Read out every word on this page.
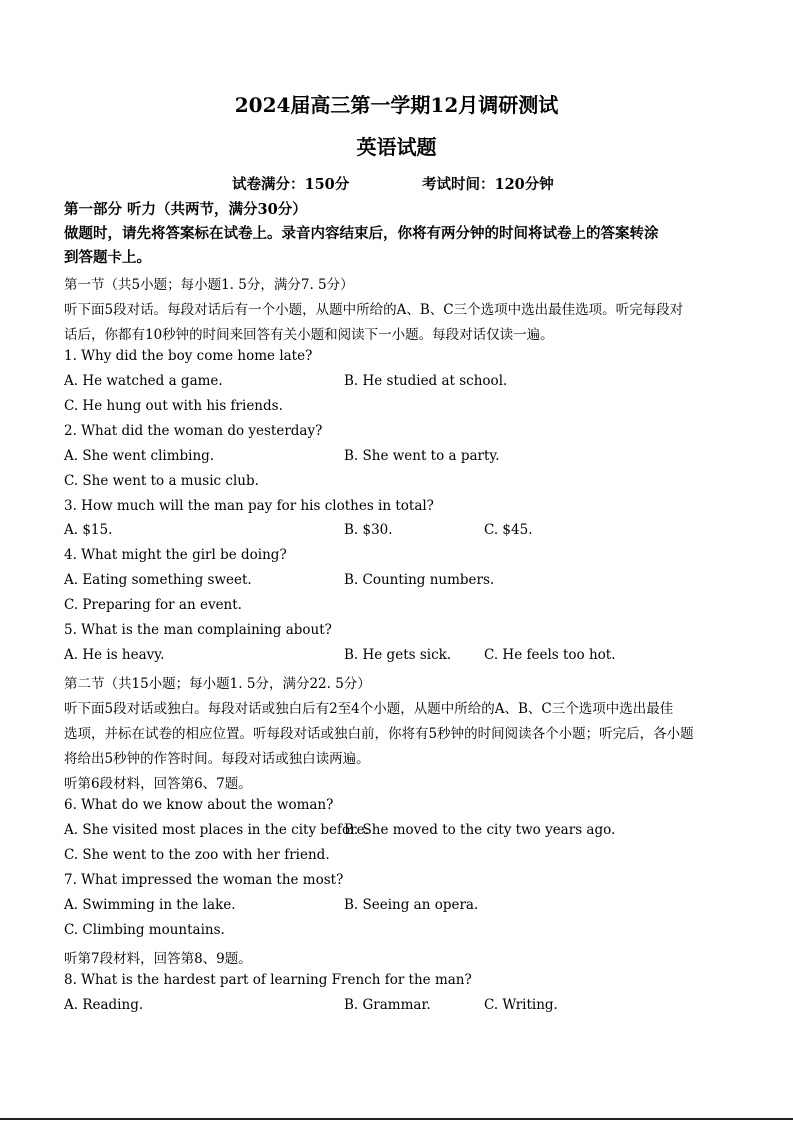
2024届高三第一学期12月调研测试
英语试题
试卷满分：150分	考试时间：120分钟
第一部分 听力（共两节，满分30分）
做题时，请先将答案标在试卷上。录音内容结束后，你将有两分钟的时间将试卷上的答案转涂
到答题卡上。
第一节（共5小题；每小题1. 5分，满分7. 5分）
听下面5段对话。每段对话后有一个小题，从题中所给的A、B、C三个选项中选出最佳选项。听完每段对
话后，你都有10秒钟的时间来回答有关小题和阅读下一小题。每段对话仅读一遍。
1. Why did the boy come home late?
A. He watched a game.	B. He studied at school.
C. He hung out with his friends.
2. What did the woman do yesterday?
A. She went climbing.	B. She went to a party.
C. She went to a music club.
3. How much will the man pay for his clothes in total?
A. $15.	B. $30.	C. $45.
4. What might the girl be doing?
A. Eating something sweet.	B. Counting numbers.
C. Preparing for an event.
5. What is the man complaining about?
A. He is heavy.	B. He gets sick. C. He feels too hot.
第二节（共15小题；每小题1. 5分，满分22. 5分）
听下面5段对话或独白。每段对话或独白后有2至4个小题，从题中所给的A、B、C三个选项中选出最佳
选项，并标在试卷的相应位置。听每段对话或独白前，你将有5秒钟的时间阅读各个小题；听完后，各小题
将给出5秒钟的作答时间。每段对话或独白读两遍。
听第6段材料，回答第6、7题。
6. What do we know about the woman?
A. She visited most places in the city before.
B. She moved to the city two years ago.
C. She went to the zoo with her friend.
7. What impressed the woman the most?
A. Swimming in the lake.	B. Seeing an opera.
C. Climbing mountains.
听第7段材料，回答第8、9题。
8. What is the hardest part of learning French for the man?
A. Reading.	B. Grammar.	C. Writing.
